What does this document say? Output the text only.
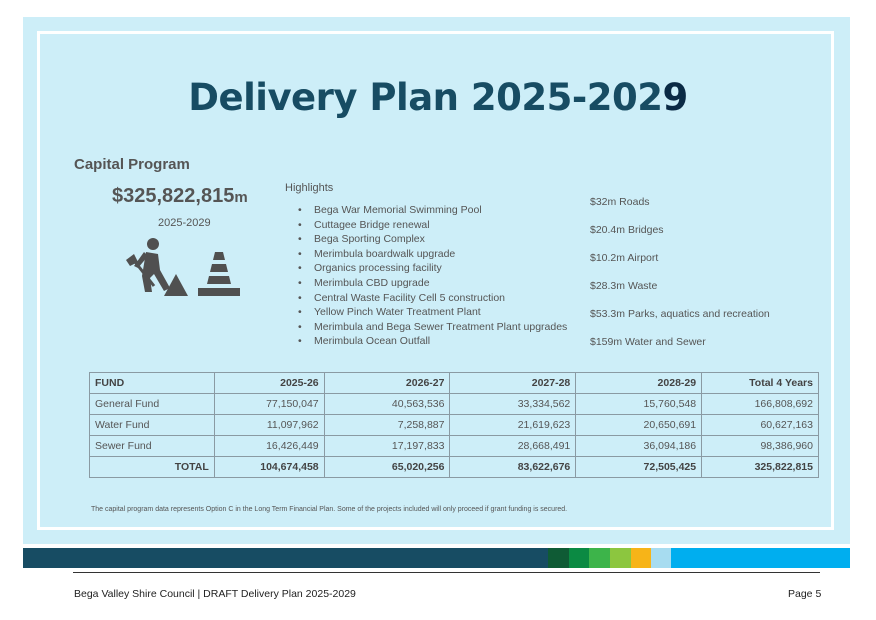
Delivery Plan 2025-2029
Capital Program
$325,822,815m
2025-2029
Highlights
• Bega War Memorial Swimming Pool
• Cuttagee Bridge renewal
• Bega Sporting Complex
• Merimbula boardwalk upgrade
• Organics processing facility
• Merimbula CBD upgrade
• Central Waste Facility Cell 5 construction
• Yellow Pinch Water Treatment Plant
• Merimbula and Bega Sewer Treatment Plant upgrades
• Merimbula Ocean Outfall
$32m Roads
$20.4m Bridges
$10.2m Airport
$28.3m Waste
$53.3m Parks, aquatics and recreation
$159m Water and Sewer
FUND	2025-26	2026-27	2027-28	2028-29	Total 4 Years
General Fund	77,150,047	40,563,536	33,334,562	15,760,548	166,808,692
Water Fund	11,097,962	7,258,887	21,619,623	20,650,691	60,627,163
Sewer Fund	16,426,449	17,197,833	28,668,491	36,094,186	98,386,960
TOTAL	104,674,458	65,020,256	83,622,676	72,505,425	325,822,815
The capital program data represents Option C in the Long Term Financial Plan. Some of the projects included will only proceed if grant funding is secured.
Bega Valley Shire Council | DRAFT Delivery Plan 2025-2029	Page 5
